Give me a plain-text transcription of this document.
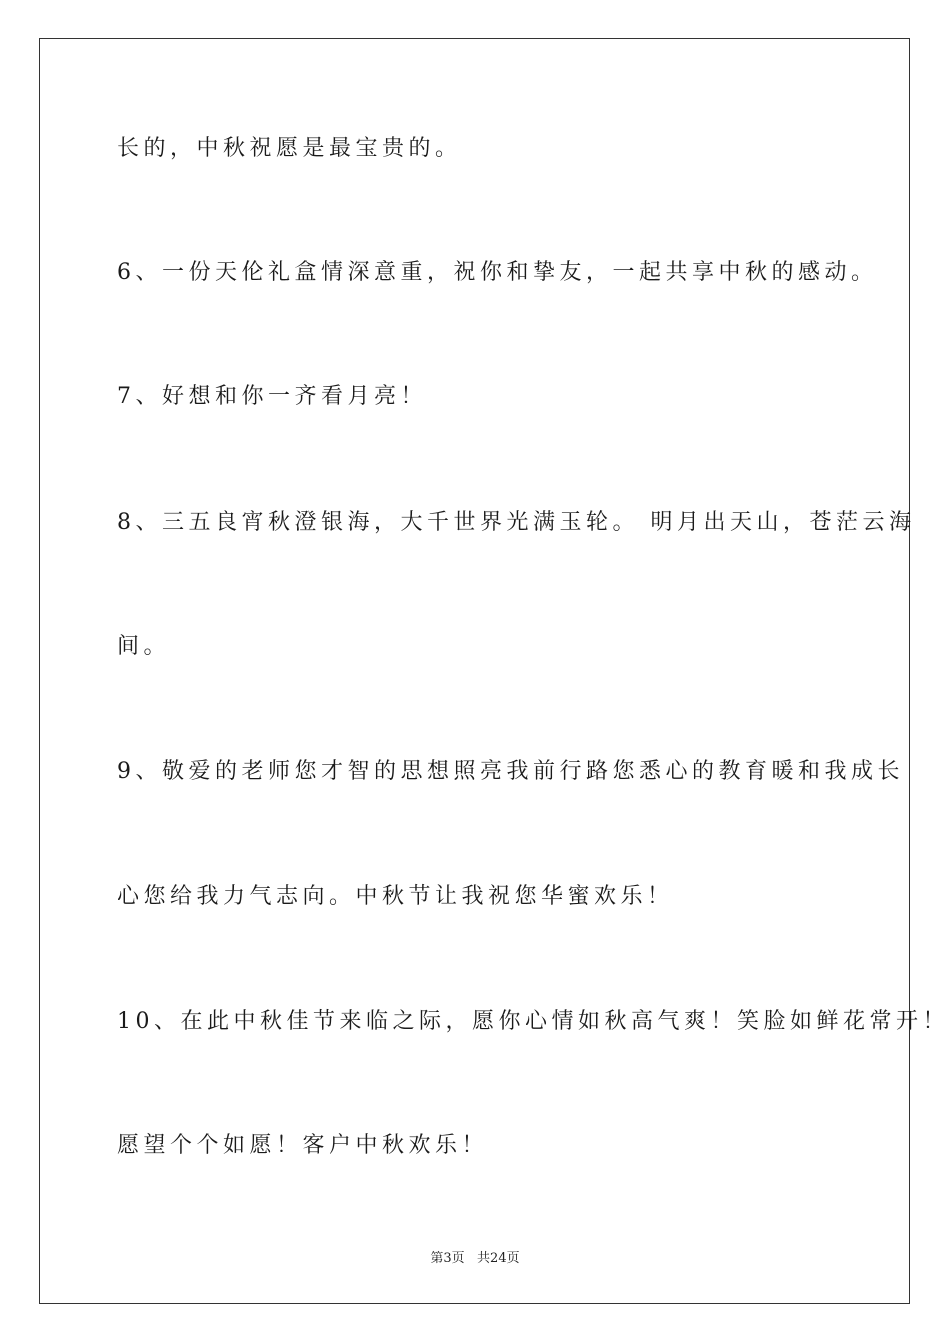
长的，中秋祝愿是最宝贵的。
6、一份天伦礼盒情深意重，祝你和挚友，一起共享中秋的感动。
7、好想和你一齐看月亮！
8、三五良宵秋澄银海，大千世界光满玉轮。 明月出天山，苍茫云海
间。
9、敬爱的老师您才智的思想照亮我前行路您悉心的教育暖和我成长
心您给我力气志向。中秋节让我祝您华蜜欢乐！
10、在此中秋佳节来临之际，愿你心情如秋高气爽！笑脸如鲜花常开！
愿望个个如愿！客户中秋欢乐！
第3页   共24页
